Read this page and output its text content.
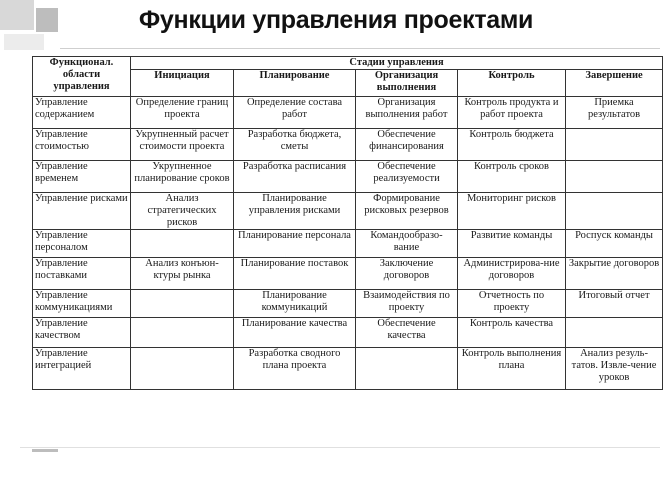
Функции управления проектами
Функционал. области управления	Стадии управления				
	Инициация	Планирование	Организация выполнения	Контроль	Завершение
Управление содержанием	Определение границ проекта	Определение состава работ	Организация выполнения работ	Контроль продукта и работ проекта	Приемка результатов
Управление стоимостью	Укрупненный расчет стоимости проекта	Разработка бюджета, сметы	Обеспечение финансирования	Контроль бюджета	
Управление временем	Укрупненное планирование сроков	Разработка расписания	Обеспечение реализуемости	Контроль сроков	
Управление рисками	Анализ стратегических рисков	Планирование управления рисками	Формирование рисковых резервов	Мониторинг рисков	
Управление персоналом		Планирование персонала	Командообразо-вание	Развитие команды	Роспуск команды
Управление поставками	Анализ конъюн-ктуры рынка	Планирование поставок	Заключение договоров	Администрирова-ние договоров	Закрытие договоров
Управление коммуникациями		Планирование коммуникаций	Взаимодействия по проекту	Отчетность по проекту	Итоговый отчет
Управление качеством		Планирование качества	Обеспечение качества	Контроль качества	
Управление интеграцией		Разработка сводного плана проекта		Контроль выполнения плана	Анализ резуль-татов. Извле-чение уроков
